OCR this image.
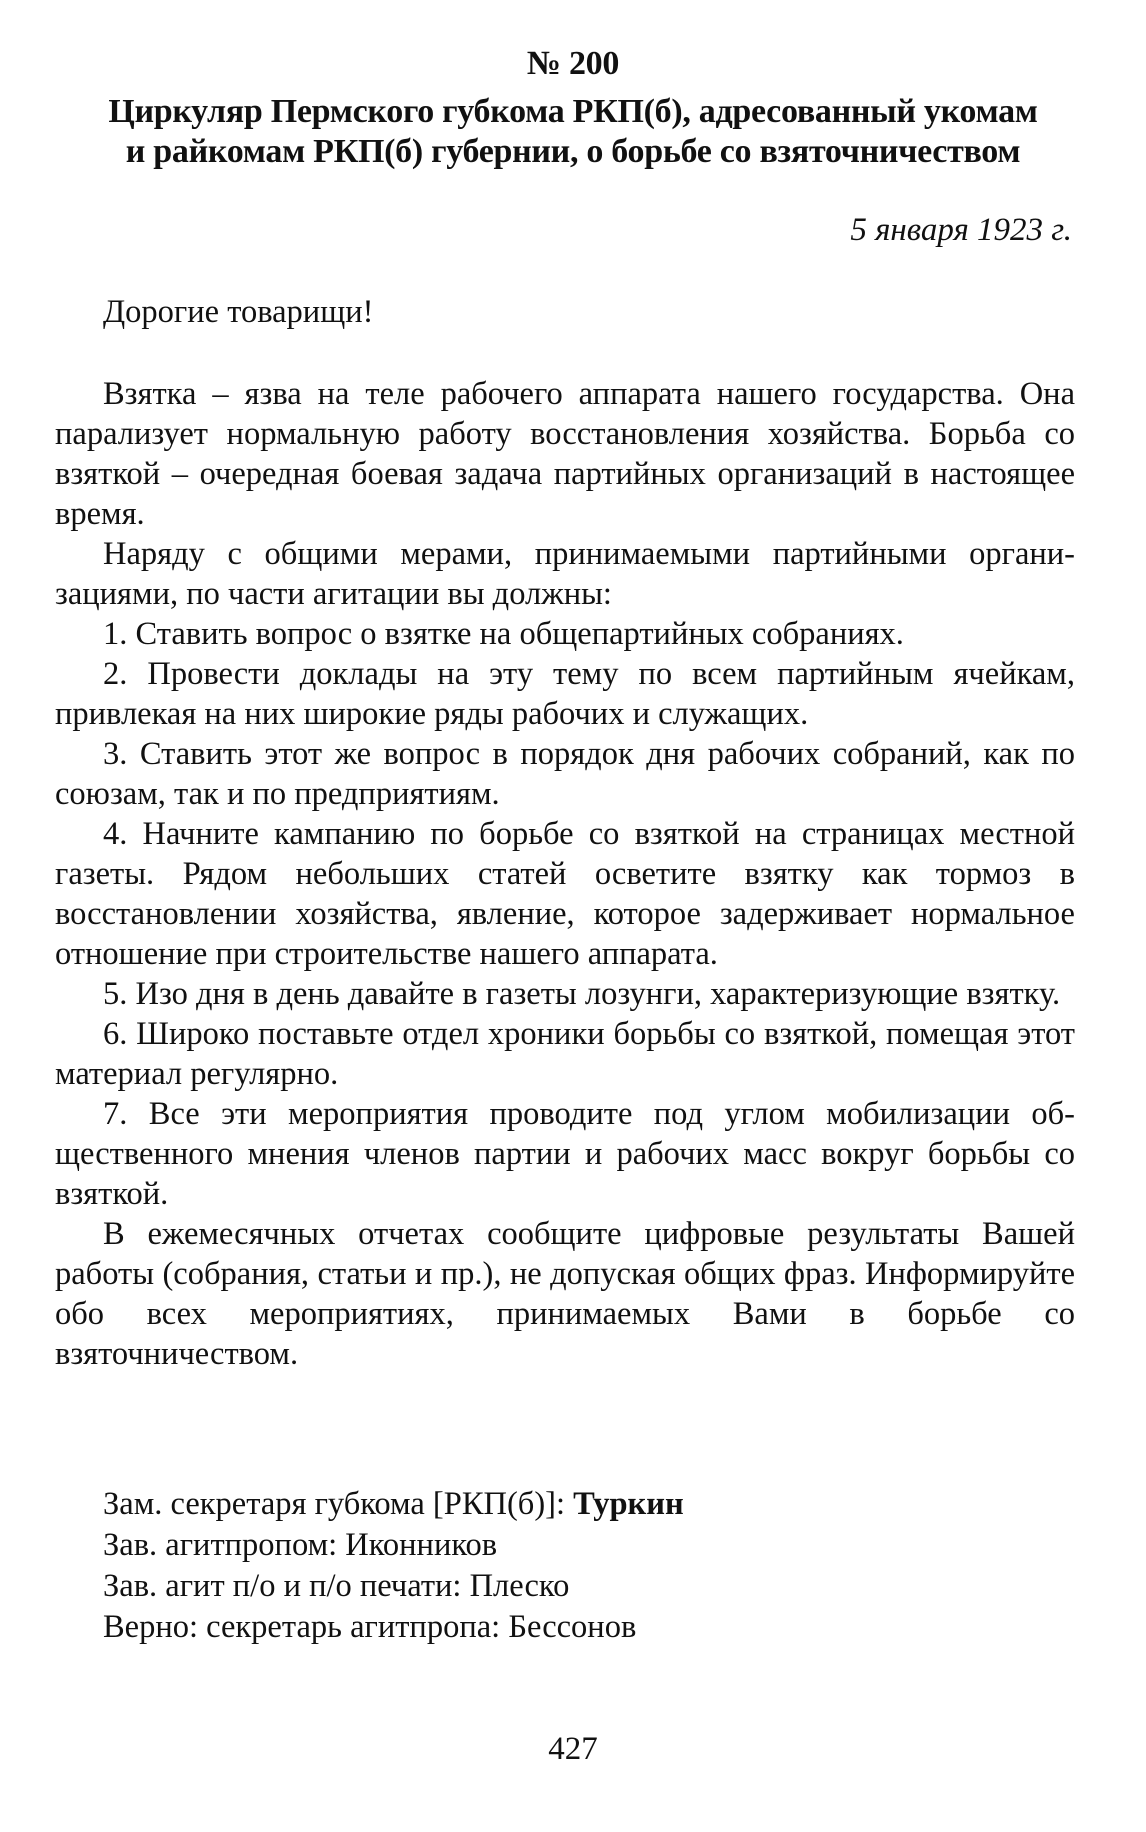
№ 200
Циркуляр Пермского губкома РКП(б), адресованный укомам
и райкомам РКП(б) губернии, о борьбе со взяточничеством
5 января 1923 г.

Дорогие товарищи!

Взятка – язва на теле рабочего аппарата нашего государства. Она парализует нормальную работу восстановления хозяйства. Борьба со взяткой – очередная боевая задача партийных организаций в настоящее время.

Наряду с общими мерами, принимаемыми партийными организациями, по части агитации вы должны:

1. Ставить вопрос о взятке на общепартийных собраниях.

2. Провести доклады на эту тему по всем партийным ячейкам, привлекая на них широкие ряды рабочих и служащих.

3. Ставить этот же вопрос в порядок дня рабочих собраний, как по союзам, так и по предприятиям.

4. Начните кампанию по борьбе со взяткой на страницах местной газеты. Рядом небольших статей осветите взятку как тормоз в восстановлении хозяйства, явление, которое задерживает нормальное отношение при строительстве нашего аппарата.

5. Изо дня в день давайте в газеты лозунги, характеризующие взятку.

6. Широко поставьте отдел хроники борьбы со взяткой, помещая этот материал регулярно.

7. Все эти мероприятия проводите под углом мобилизации общественного мнения членов партии и рабочих масс вокруг борьбы со взяткой.

В ежемесячных отчетах сообщите цифровые результаты Вашей работы (собрания, статьи и пр.), не допуская общих фраз. Информируйте обо всех мероприятиях, принимаемых Вами в борьбе со взяточничеством.

Зам. секретаря губкома [РКП(б)]: Туркин

Зав. агитпропом: Иконников

Зав. агит п/о и п/о печати: Плеско

Верно: секретарь агитпропа: Бессонов

427
